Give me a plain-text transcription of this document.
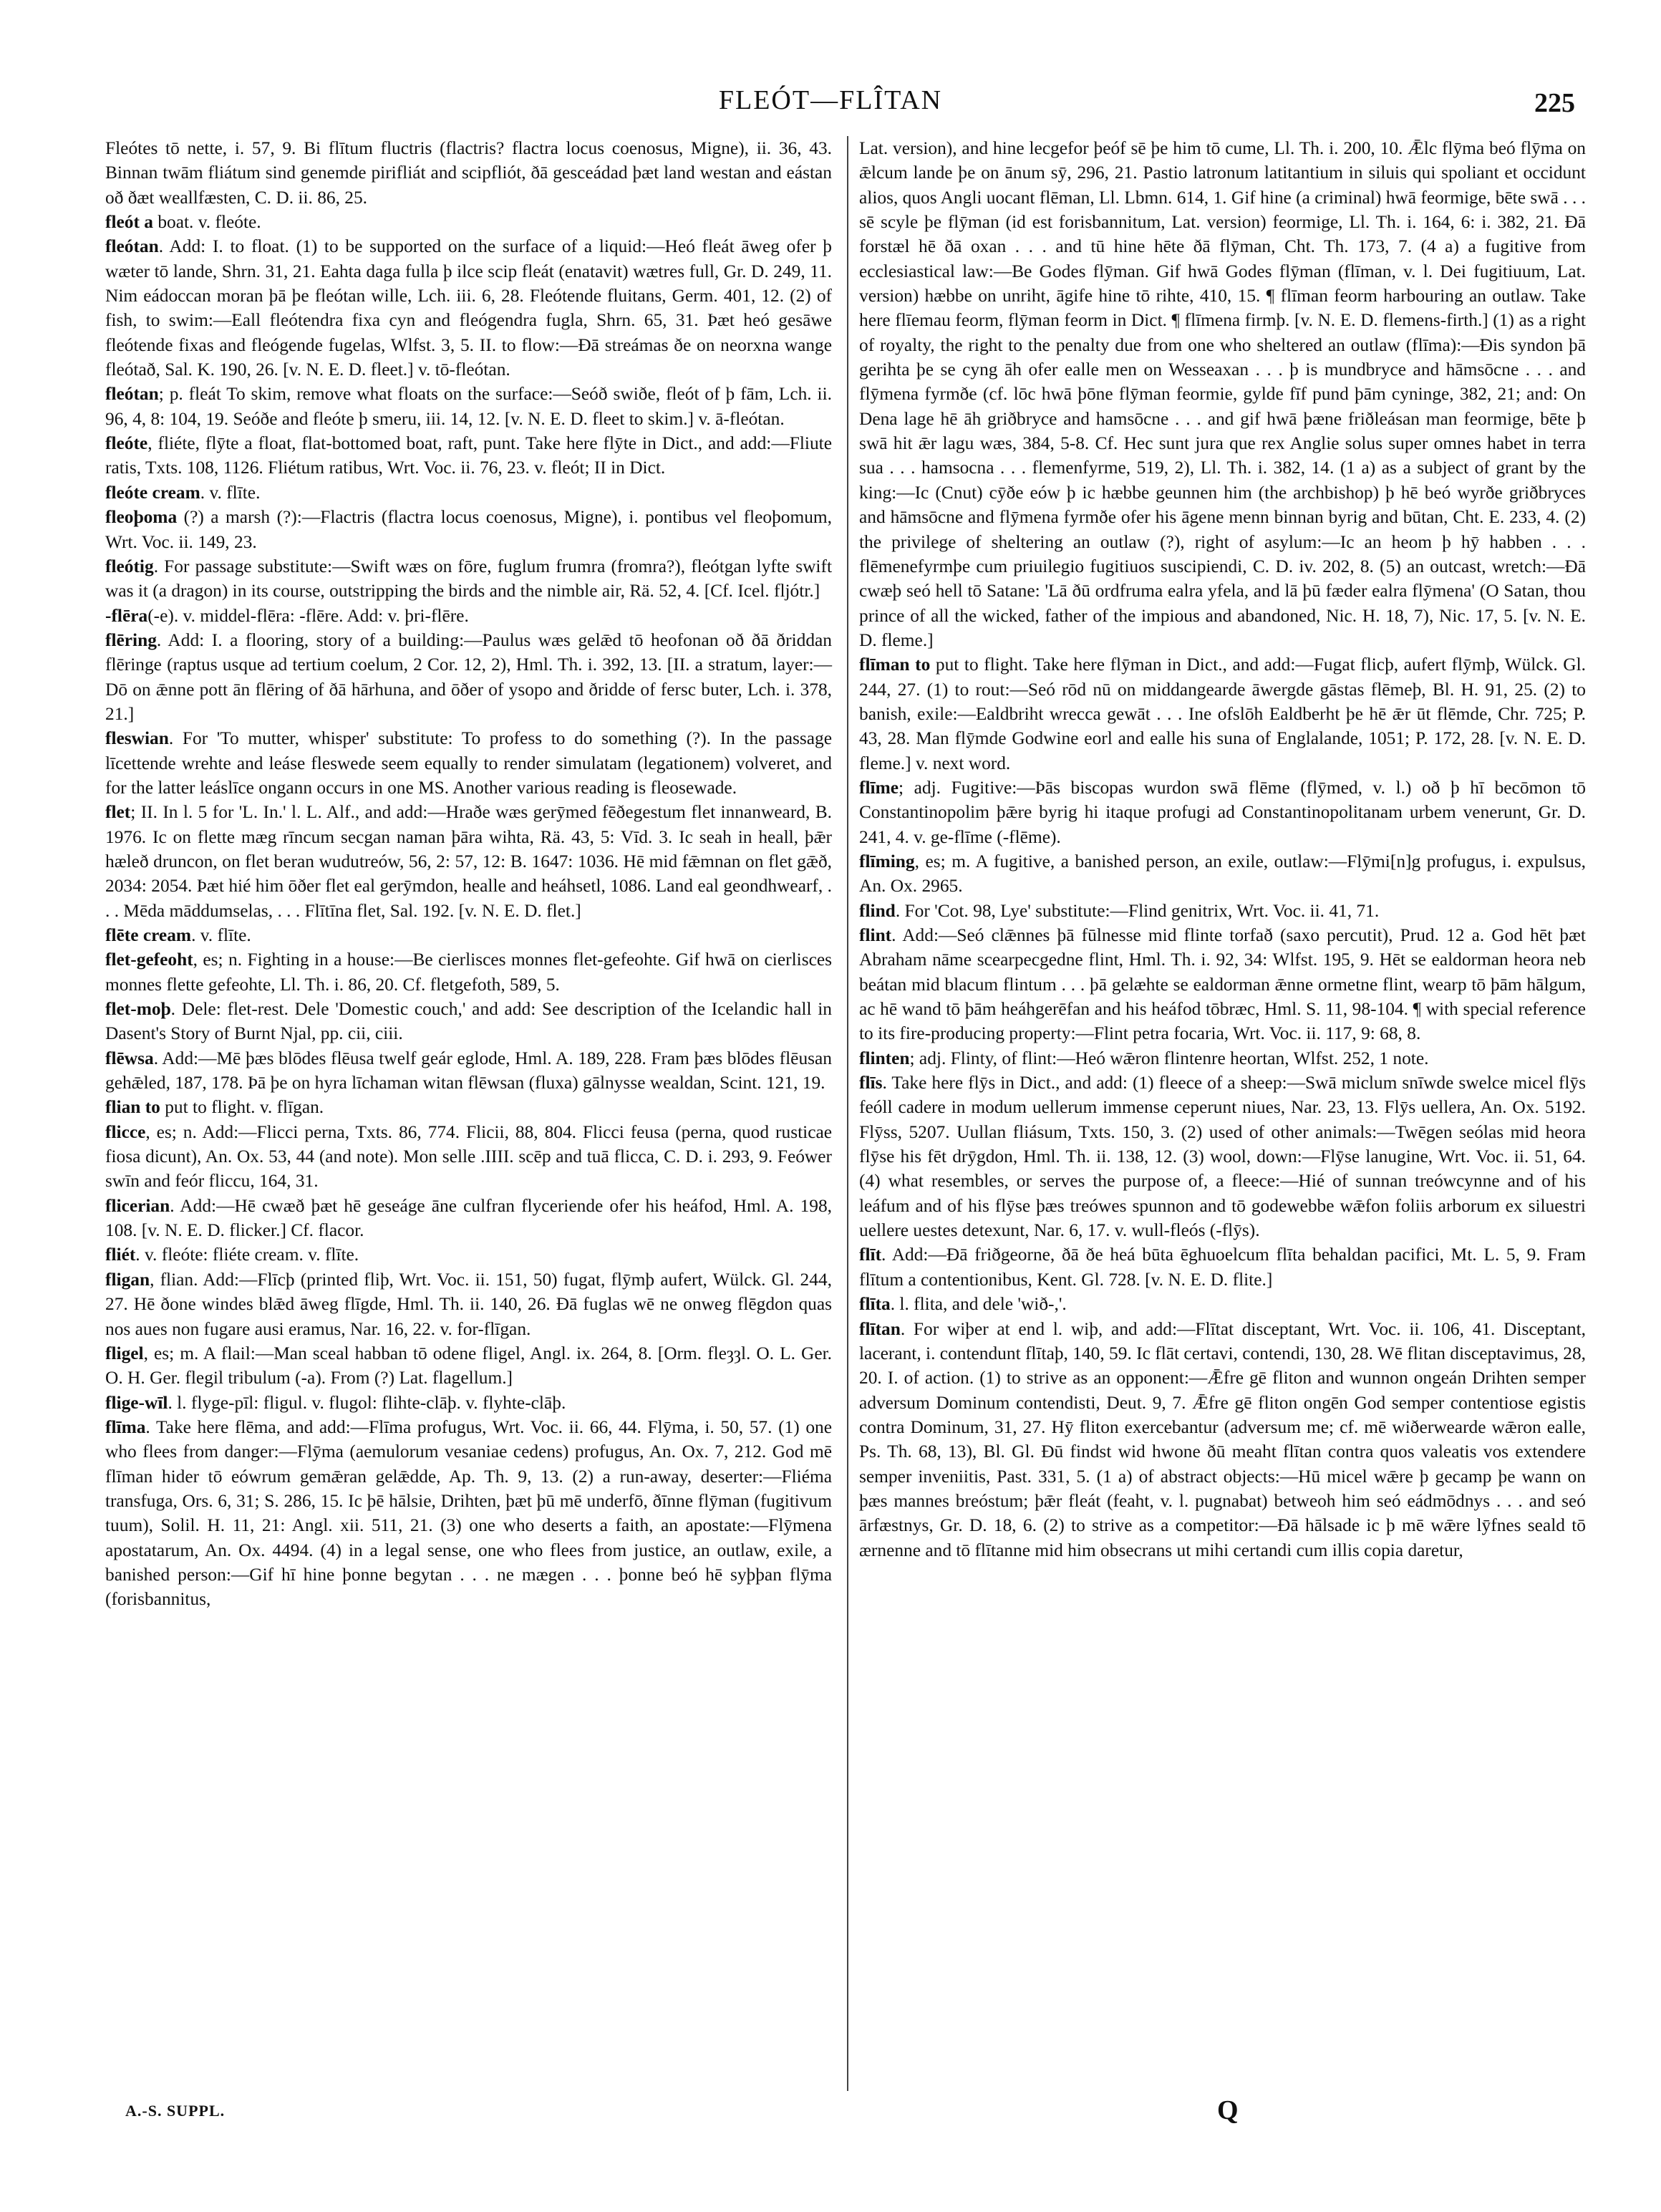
FLEÓT—FLÎTAN	225

Fleótes tō nette, i. 57, 9. Bi flītum fluctris (flactris? flactra locus coenosus, Migne), ii. 36, 43. Binnan twām fliátum sind genemde pirifliát and scipfliót, ðā gesceádad þæt land westan and eástan oð ðæt weallfæsten, C. D. ii. 86, 25.

fleót a boat. v. fleóte.

fleótan. Add: I. to float. (1) to be supported on the surface of a liquid:—Heó fleát āweg ofer þ wæter tō lande, Shrn. 31, 21. Eahta daga fulla þ ilce scip fleát (enatavit) wætres full, Gr. D. 249, 11. Nim eádoccan moran þā þe fleótan wille, Lch. iii. 6, 28. Fleótende fluitans, Germ. 401, 12. (2) of fish, to swim:—Eall fleótendra fixa cyn and fleógendra fugla, Shrn. 65, 31. Þæt heó gesāwe fleótende fixas and fleógende fugelas, Wlfst. 3, 5. II. to flow:—Ðā streámas ðe on neorxna wange fleótað, Sal. K. 190, 26. [v. N. E. D. fleet.] v. tō-fleótan.

fleótan; p. fleát To skim, remove what floats on the surface:—Seóð swiðe, fleót of þ fām, Lch. ii. 96, 4, 8: 104, 19. Seóðe and fleóte þ smeru, iii. 14, 12. [v. N. E. D. fleet to skim.] v. ā-fleótan.

fleóte, fliéte, flȳte a float, flat-bottomed boat, raft, punt. Take here flȳte in Dict., and add:—Fliute ratis, Txts. 108, 1126. Fliétum ratibus, Wrt. Voc. ii. 76, 23. v. fleót; II in Dict.

fleóte cream. v. flīte.

fleoþoma (?) a marsh (?):—Flactris (flactra locus coenosus, Migne), i. pontibus vel fleoþomum, Wrt. Voc. ii. 149, 23.

fleótig. For passage substitute:—Swift wæs on fōre, fuglum frumra (fromra?), fleótgan lyfte swift was it (a dragon) in its course, outstripping the birds and the nimble air, Rä. 52, 4. [Cf. Icel. fljótr.]

-flēra(-e). v. middel-flēra: -flēre. Add: v. þri-flēre.

flēring. Add: I. a flooring, story of a building:—Paulus wæs gelǣd tō heofonan oð ðā ðriddan flēringe (raptus usque ad tertium coelum, 2 Cor. 12, 2), Hml. Th. i. 392, 13. [II. a stratum, layer:—Dō on ǣnne pott ān flēring of ðā hārhuna, and ōðer of ysopo and ðridde of fersc buter, Lch. i. 378, 21.]

fleswian. For 'To mutter, whisper' substitute: To profess to do something (?). In the passage līcettende wrehte and leáse fleswede seem equally to render simulatam (legationem) volveret, and for the latter leáslīce ongann occurs in one MS. Another various reading is fleosewade.

flet; II. In l. 5 for 'L. In.' l. L. Alf., and add:—Hraðe wæs gerȳmed fēðegestum flet innanweard, B. 1976. Ic on flette mæg rīncum secgan naman þāra wihta, Rä. 43, 5: Vīd. 3. Ic seah in heall, þǣr hæleð druncon, on flet beran wudutreów, 56, 2: 57, 12: B. 1647: 1036. Hē mid fǣmnan on flet gǣð, 2034: 2054. Þæt hié him ōðer flet eal gerȳmdon, healle and heáhsetl, 1086. Land eal geondhwearf, . . . Mēda māddumselas, . . . Flītīna flet, Sal. 192. [v. N. E. D. flet.]

flēte cream. v. flīte.

flet-gefeoht, es; n. Fighting in a house:—Be cierlisces monnes flet-gefeohte. Gif hwā on cierlisces monnes flette gefeohte, Ll. Th. i. 86, 20. Cf. fletgefoth, 589, 5.

flet-moþ. Dele: flet-rest. Dele 'Domestic couch,' and add: See description of the Icelandic hall in Dasent's Story of Burnt Njal, pp. cii, ciii.

flēwsa. Add:—Mē þæs blōdes flēusa twelf geár eglode, Hml. A. 189, 228. Fram þæs blōdes flēusan gehǣled, 187, 178. Þā þe on hyra līchaman witan flēwsan (fluxa) gālnysse wealdan, Scint. 121, 19.

flian to put to flight. v. flīgan.

flicce, es; n. Add:—Flicci perna, Txts. 86, 774. Flicii, 88, 804. Flicci feusa (perna, quod rusticae fiosa dicunt), An. Ox. 53, 44 (and note). Mon selle .IIII. scēp and tuā flicca, C. D. i. 293, 9. Feówer swīn and feór fliccu, 164, 31.

flicerian. Add:—Hē cwæð þæt hē geseáge āne culfran flyceriende ofer his heáfod, Hml. A. 198, 108. [v. N. E. D. flicker.] Cf. flacor.

fliét. v. fleóte: fliéte cream. v. flīte.

fligan, flian. Add:—Flīcþ (printed fliþ, Wrt. Voc. ii. 151, 50) fugat, flȳmþ aufert, Wülck. Gl. 244, 27. Hē ðone windes blǣd āweg flīgde, Hml. Th. ii. 140, 26. Ðā fuglas wē ne onweg flēgdon quas nos aues non fugare ausi eramus, Nar. 16, 22. v. for-flīgan.

fligel, es; m. A flail:—Man sceal habban tō odene fligel, Angl. ix. 264, 8. [Orm. fleȝȝl. O. L. Ger. O. H. Ger. flegil tribulum (-a). From (?) Lat. flagellum.]

flige-wīl. l. flyge-pīl: fligul. v. flugol: flihte-clāþ. v. flyhte-clāþ.

flīma. Take here flēma, and add:—Flīma profugus, Wrt. Voc. ii. 66, 44. Flȳma, i. 50, 57. (1) one who flees from danger:—Flȳma (aemulorum vesaniae cedens) profugus, An. Ox. 7, 212. God mē flīman hider tō eówrum gemǣran gelǣdde, Ap. Th. 9, 13. (2) a run-away, deserter:—Fliéma transfuga, Ors. 6, 31; S. 286, 15. Ic þē hālsie, Drihten, þæt þū mē underfō, ðīnne flȳman (fugitivum tuum), Solil. H. 11, 21: Angl. xii. 511, 21. (3) one who deserts a faith, an apostate:—Flȳmena apostatarum, An. Ox. 4494. (4) in a legal sense, one who flees from justice, an outlaw, exile, a banished person:—Gif hī hine þonne begytan . . . ne mægen . . . þonne beó hē syþþan flȳma (forisbannitus,

Lat. version), and hine lecgefor þeóf sē þe him tō cume, Ll. Th. i. 200, 10. Ǣlc flȳma beó flȳma on ǣlcum lande þe on ānum sȳ, 296, 21. Pastio latronum latitantium in siluis qui spoliant et occidunt alios, quos Angli uocant flēman, Ll. Lbmn. 614, 1. Gif hine (a criminal) hwā feormige, bēte swā . . . sē scyle þe flȳman (id est forisbannitum, Lat. version) feormige, Ll. Th. i. 164, 6: i. 382, 21. Ðā forstæl hē ðā oxan . . . and tū hine hēte ðā flȳman, Cht. Th. 173, 7. (4 a) a fugitive from ecclesiastical law:—Be Godes flȳman. Gif hwā Godes flȳman (flīman, v. l. Dei fugitiuum, Lat. version) hæbbe on unriht, āgife hine tō rihte, 410, 15. ¶ flīman feorm harbouring an outlaw. Take here flīemau feorm, flȳman feorm in Dict. ¶ flīmena firmþ. [v. N. E. D. flemens-firth.] (1) as a right of royalty, the right to the penalty due from one who sheltered an outlaw (flīma):—Ðis syndon þā gerihta þe se cyng āh ofer ealle men on Wesseaxan . . . þ is mundbryce and hāmsōcne . . . and flȳmena fyrmðe (cf. lōc hwā þōne flȳman feormie, gylde fīf pund þām cyninge, 382, 21; and: On Dena lage hē āh griðbryce and hamsōcne . . . and gif hwā þæne friðleásan man feormige, bēte þ swā hit ǣr lagu wæs, 384, 5-8. Cf. Hec sunt jura que rex Anglie solus super omnes habet in terra sua . . . hamsocna . . . flemenfyrme, 519, 2), Ll. Th. i. 382, 14. (1 a) as a subject of grant by the king:—Ic (Cnut) cȳðe eów þ ic hæbbe geunnen him (the archbishop) þ hē beó wyrðe griðbryces and hāmsōcne and flȳmena fyrmðe ofer his āgene menn binnan byrig and būtan, Cht. E. 233, 4. (2) the privilege of sheltering an outlaw (?), right of asylum:—Ic an heom þ hȳ habben . . . flēmenefyrmþe cum priuilegio fugitiuos suscipiendi, C. D. iv. 202, 8. (5) an outcast, wretch:—Ðā cwæþ seó hell tō Satane: 'Lā ðū ordfruma ealra yfela, and lā þū fæder ealra flȳmena' (O Satan, thou prince of all the wicked, father of the impious and abandoned, Nic. H. 18, 7), Nic. 17, 5. [v. N. E. D. fleme.]

flīman to put to flight. Take here flȳman in Dict., and add:—Fugat flicþ, aufert flȳmþ, Wülck. Gl. 244, 27. (1) to rout:—Seó rōd nū on middangearde āwergde gāstas flēmeþ, Bl. H. 91, 25. (2) to banish, exile:—Ealdbriht wrecca gewāt . . . Ine ofslōh Ealdberht þe hē ǣr ūt flēmde, Chr. 725; P. 43, 28. Man flȳmde Godwine eorl and ealle his suna of Englalande, 1051; P. 172, 28. [v. N. E. D. fleme.] v. next word.

flīme; adj. Fugitive:—Þās biscopas wurdon swā flēme (flȳmed, v. l.) oð þ hī becōmon tō Constantinopolim þǣre byrig hi itaque profugi ad Constantinopolitanam urbem venerunt, Gr. D. 241, 4. v. ge-flīme (-flēme).

flīming, es; m. A fugitive, a banished person, an exile, outlaw:—Flȳmi[n]g profugus, i. expulsus, An. Ox. 2965.

flind. For 'Cot. 98, Lye' substitute:—Flind genitrix, Wrt. Voc. ii. 41, 71.

flint. Add:—Seó clǣnnes þā fūlnesse mid flinte torfað (saxo percutit), Prud. 12 a. God hēt þæt Abraham nāme scearpecgedne flint, Hml. Th. i. 92, 34: Wlfst. 195, 9. Hēt se ealdorman heora neb beátan mid blacum flintum . . . þā gelæhte se ealdorman ǣnne ormetne flint, wearp tō þām hālgum, ac hē wand tō þām heáhgerēfan and his heáfod tōbræc, Hml. S. 11, 98-104. ¶ with special reference to its fire-producing property:—Flint petra focaria, Wrt. Voc. ii. 117, 9: 68, 8.

flinten; adj. Flinty, of flint:—Heó wǣron flintenre heortan, Wlfst. 252, 1 note.

flīs. Take here flȳs in Dict., and add: (1) fleece of a sheep:—Swā miclum snīwde swelce micel flȳs feóll cadere in modum uellerum immense ceperunt niues, Nar. 23, 13. Flȳs uellera, An. Ox. 5192. Flȳss, 5207. Uullan fliásum, Txts. 150, 3. (2) used of other animals:—Twēgen seólas mid heora flȳse his fēt drȳgdon, Hml. Th. ii. 138, 12. (3) wool, down:—Flȳse lanugine, Wrt. Voc. ii. 51, 64. (4) what resembles, or serves the purpose of, a fleece:—Hié of sunnan treówcynne and of his leáfum and of his flȳse þæs treówes spunnon and tō godewebbe wǣfon foliis arborum ex siluestri uellere uestes detexunt, Nar. 6, 17. v. wull-fleós (-flȳs).

flīt. Add:—Ðā friðgeorne, ðā ðe heá būta ēghuoelcum flīta behaldan pacifici, Mt. L. 5, 9. Fram flītum a contentionibus, Kent. Gl. 728. [v. N. E. D. flite.]

flīta. l. flita, and dele 'wið-,'.

flītan. For wiþer at end l. wiþ, and add:—Flītat disceptant, Wrt. Voc. ii. 106, 41. Disceptant, lacerant, i. contendunt flītaþ, 140, 59. Ic flāt certavi, contendi, 130, 28. Wē flitan disceptavimus, 28, 20. I. of action. (1) to strive as an opponent:—Ǣfre gē fliton and wunnon ongeán Drihten semper adversum Dominum contendisti, Deut. 9, 7. Ǣfre gē fliton ongēn God semper contentiose egistis contra Dominum, 31, 27. Hȳ fliton exercebantur (adversum me; cf. mē wiðerwearde wǣron ealle, Ps. Th. 68, 13), Bl. Gl. Ðū findst wid hwone ðū meaht flītan contra quos valeatis vos extendere semper inveniitis, Past. 331, 5. (1 a) of abstract objects:—Hū micel wǣre þ gecamp þe wann on þæs mannes breóstum; þǣr fleát (feaht, v. l. pugnabat) betweoh him seó eádmōdnys . . . and seó ārfæstnys, Gr. D. 18, 6. (2) to strive as a competitor:—Ðā hālsade ic þ mē wǣre lȳfnes seald tō ærnenne and tō flītanne mid him obsecrans ut mihi certandi cum illis copia daretur,

A.-S. SUPPL.	Q
